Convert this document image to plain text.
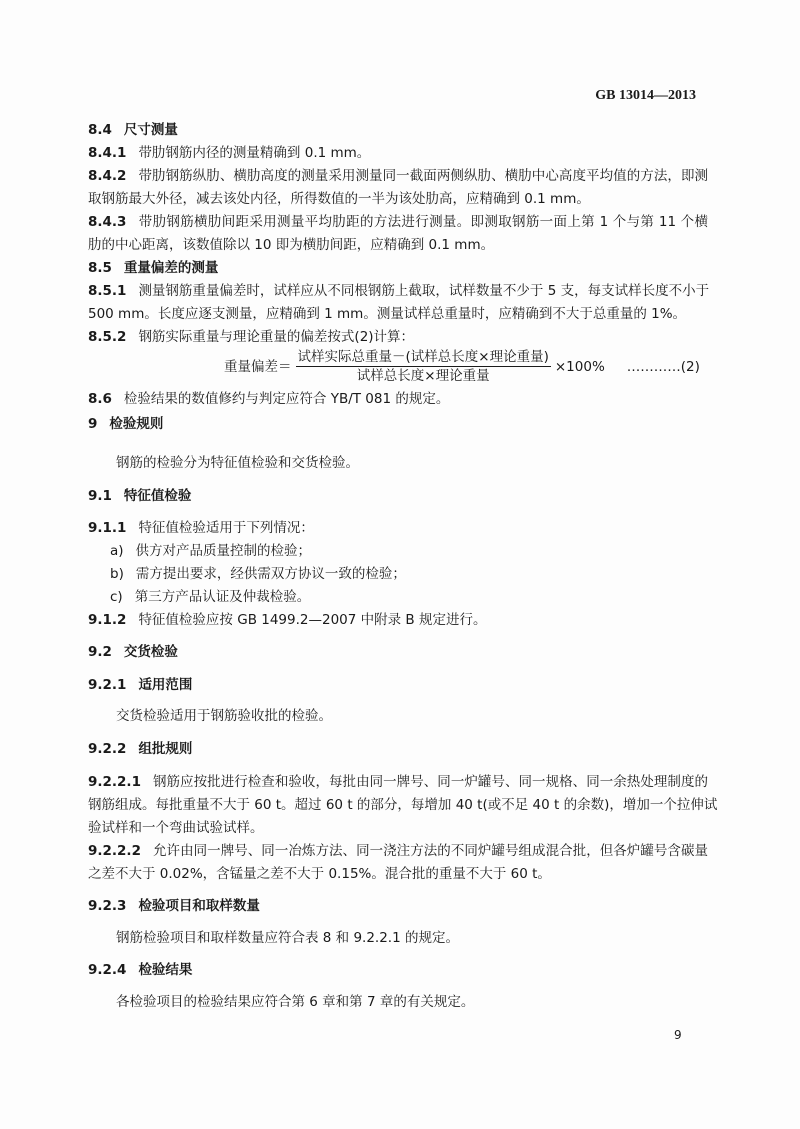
GB 13014—2013
8.4 尺寸测量
8.4.1 带肋钢筋内径的测量精确到 0.1 mm。
8.4.2 带肋钢筋纵肋、横肋高度的测量采用测量同一截面两侧纵肋、横肋中心高度平均值的方法，即测
取钢筋最大外径，减去该处内径，所得数值的一半为该处肋高，应精确到 0.1 mm。
8.4.3 带肋钢筋横肋间距采用测量平均肋距的方法进行测量。即测取钢筋一面上第 1 个与第 11 个横
肋的中心距离，该数值除以 10 即为横肋间距，应精确到 0.1 mm。
8.5 重量偏差的测量
8.5.1 测量钢筋重量偏差时，试样应从不同根钢筋上截取，试样数量不少于 5 支，每支试样长度不小于
500 mm。长度应逐支测量，应精确到 1 mm。测量试样总重量时，应精确到不大于总重量的 1%。
8.5.2 钢筋实际重量与理论重量的偏差按式(2)计算：
重量偏差＝ $\frac{\text{试样实际总重量－(试样总长度×理论重量)}}{\text{试样总长度×理论重量}} \times 100\%$ …………(2)
8.6 检验结果的数值修约与判定应符合 YB/T 081 的规定。
9 检验规则
钢筋的检验分为特征值检验和交货检验。
9.1 特征值检验
9.1.1 特征值检验适用于下列情况：
a) 供方对产品质量控制的检验；
b) 需方提出要求，经供需双方协议一致的检验；
c) 第三方产品认证及仲裁检验。
9.1.2 特征值检验应按 GB 1499.2—2007 中附录 B 规定进行。
9.2 交货检验
9.2.1 适用范围
交货检验适用于钢筋验收批的检验。
9.2.2 组批规则
9.2.2.1 钢筋应按批进行检查和验收，每批由同一牌号、同一炉罐号、同一规格、同一余热处理制度的
钢筋组成。每批重量不大于 60 t。超过 60 t 的部分，每增加 40 t(或不足 40 t 的余数)，增加一个拉伸试
验试样和一个弯曲试验试样。
9.2.2.2 允许由同一牌号、同一冶炼方法、同一浇注方法的不同炉罐号组成混合批，但各炉罐号含碳量
之差不大于 0.02%，含锰量之差不大于 0.15%。混合批的重量不大于 60 t。
9.2.3 检验项目和取样数量
钢筋检验项目和取样数量应符合表 8 和 9.2.2.1 的规定。
9.2.4 检验结果
各检验项目的检验结果应符合第 6 章和第 7 章的有关规定。
9
